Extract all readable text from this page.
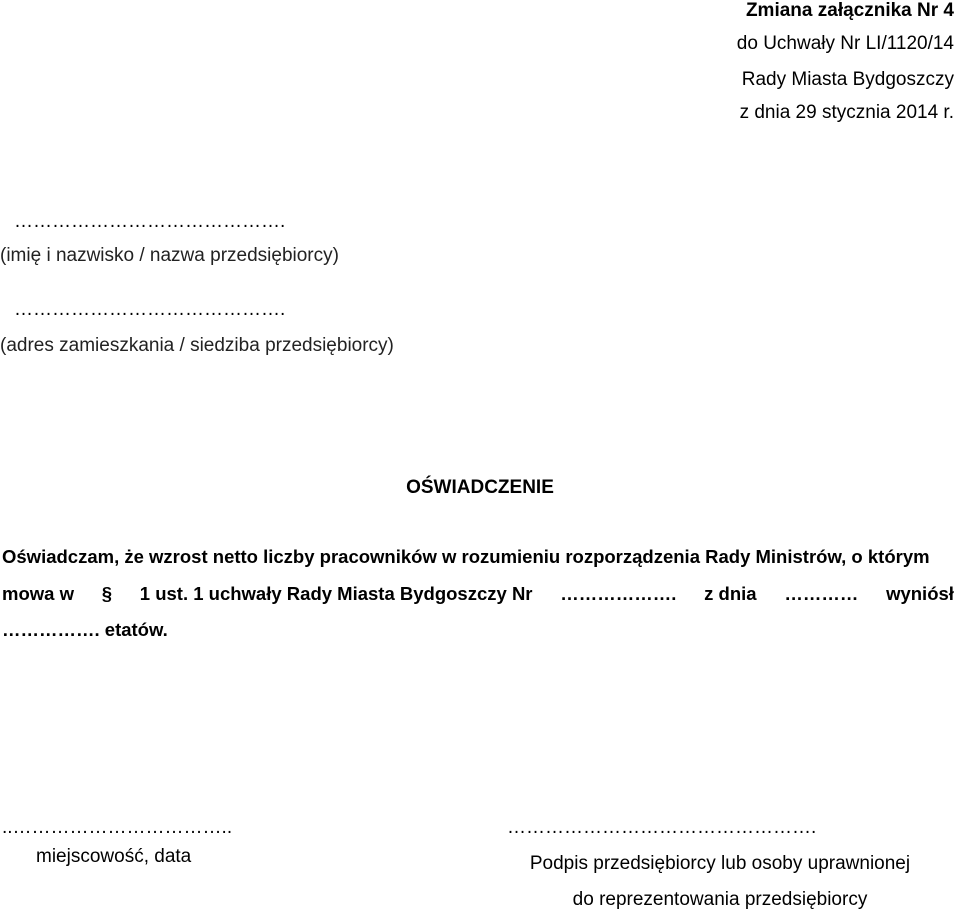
Zmiana załącznika Nr 4
do Uchwały Nr LI/1120/14
Rady Miasta Bydgoszczy
z dnia 29 stycznia 2014 r.
…………………………………….
(imię i nazwisko / nazwa przedsiębiorcy)
…………………………………….
(adres zamieszkania / siedziba przedsiębiorcy)
OŚWIADCZENIE
Oświadczam, że wzrost netto liczby pracowników w rozumieniu rozporządzenia Rady Ministrów, o którym
mowa w § 1 ust. 1 uchwały Rady Miasta Bydgoszczy Nr ………………. z dnia ………… wyniósł
……………. etatów.
..……………………………..
miejscowość, data
………………………………………….
Podpis przedsiębiorcy lub osoby uprawnionej
do reprezentowania przedsiębiorcy
